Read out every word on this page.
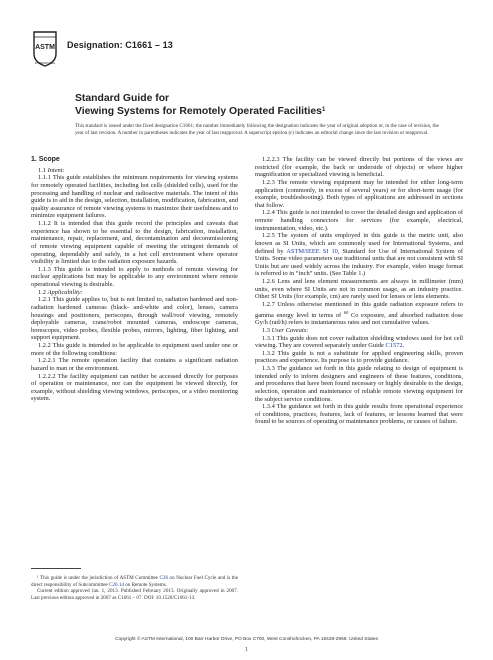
ASTM
INTERNATIONAL
Designation: C1661 – 13
Standard Guide for
Viewing Systems for Remotely Operated Facilities$^1$
This standard is issued under the fixed designation C1661; the number immediately following the designation indicates the year of original adoption or, in the case of revision, the year of last revision. A number in parentheses indicates the year of last reapproval. A superscript epsilon (ε) indicates an editorial change since the last revision or reapproval.

1. Scope

1.1 Intent:

1.1.1 This guide establishes the minimum requirements for viewing systems for remotely operated facilities, including hot cells (shielded cells), used for the processing and handling of nuclear and radioactive materials. The intent of this guide is to aid in the design, selection, installation, modification, fabrication, and quality assurance of remote viewing systems to maximize their usefulness and to minimize equipment failures.

1.1.2 It is intended that this guide record the principles and caveats that experience has shown to be essential to the design, fabrication, installation, maintenance, repair, replacement, and, decontamination and decommissioning of remote viewing equipment capable of meeting the stringent demands of operating, dependably and safely, in a hot cell environment where operator visibility is limited due to the radiation exposure hazards.

1.1.3 This guide is intended to apply to methods of remote viewing for nuclear applications but may be applicable to any environment where remote operational viewing is desirable.

1.2 Applicability:

1.2.1 This guide applies to, but is not limited to, radiation hardened and non-radiation hardened cameras (black- and-white and color), lenses, camera housings and positioners, periscopes, through wall/roof viewing, remotely deployable cameras, crane/robot mounted cameras, endoscope cameras, borescopes, video probes, flexible probes, mirrors, lighting, fiber lighting, and support equipment.

1.2.2 This guide is intended to be applicable to equipment used under one or more of the following conditions:

1.2.2.1 The remote operation facility that contains a significant radiation hazard to man or the environment.

1.2.2.2 The facility equipment can neither be accessed directly for purposes of operation or maintenance, nor can the equipment be viewed directly, for example, without shielding viewing windows, periscopes, or a video monitoring system.

1.2.2.3 The facility can be viewed directly but portions of the views are restricted (for example, the back or underside of objects) or where higher magnification or specialized viewing is beneficial.

1.2.3 The remote viewing equipment may be intended for either long-term application (commonly, in excess of several years) or for short-term usage (for example, troubleshooting). Both types of applications are addressed in sections that follow.

1.2.4 This guide is not intended to cover the detailed design and application of remote handling connectors for services (for example, electrical, instrumentation, video, etc.).

1.2.5 The system of units employed in this guide is the metric unit, also known as SI Units, which are commonly used for International Systems, and defined by ASTM/IEEE SI 10, Standard for Use of International System of Units. Some video parameters use traditional units that are not consistent with SI Units but are used widely across the industry. For example, video image format is referred to in “inch” units. (See Table 1.)

1.2.6 Lens and lens element measurements are always in millimeter (mm) units, even where SI Units are not in common usage, as an industry practice. Other SI Units (for example, cm) are rarely used for lenses or lens elements.

1.2.7 Unless otherwise mentioned in this guide radiation exposure refers to gamma energy level in terms of $^{60}$ Co exposure, and absorbed radiation dose Gy/h (rad/h) refers to instantaneous rates and not cumulative values.

1.3 User Caveats:

1.3.1 This guide does not cover radiation shielding windows used for hot cell viewing. They are covered separately under Guide C1572.

1.3.2 This guide is not a substitute for applied engineering skills, proven practices and experience. Its purpose is to provide guidance.

1.3.3 The guidance set forth in this guide relating to design of equipment is intended only to inform designers and engineers of these features, conditions, and procedures that have been found necessary or highly desirable to the design, selection, operation and maintenance of reliable remote viewing equipment for the subject service conditions.

1.3.4 The guidance set forth in this guide results from operational experience of conditions, practices, features, lack of features, or lessons learned that were found to be sources of operating or maintenance problems, or causes of failure.

¹ This guide is under the jurisdiction of ASTM Committee C26 on Nuclear Fuel Cycle and is the direct responsibility of Subcommittee C26.14 on Remote Systems.

Current edition approved Jan. 1, 2013. Published February 2013. Originally approved in 2007. Last previous edition approved in 2007 as C1661 – 07. DOI: 10.1520/C1661-13.

Copyright © ASTM International, 100 Barr Harbor Drive, PO Box C700, West Conshohocken, PA 19428-2959. United States
1
